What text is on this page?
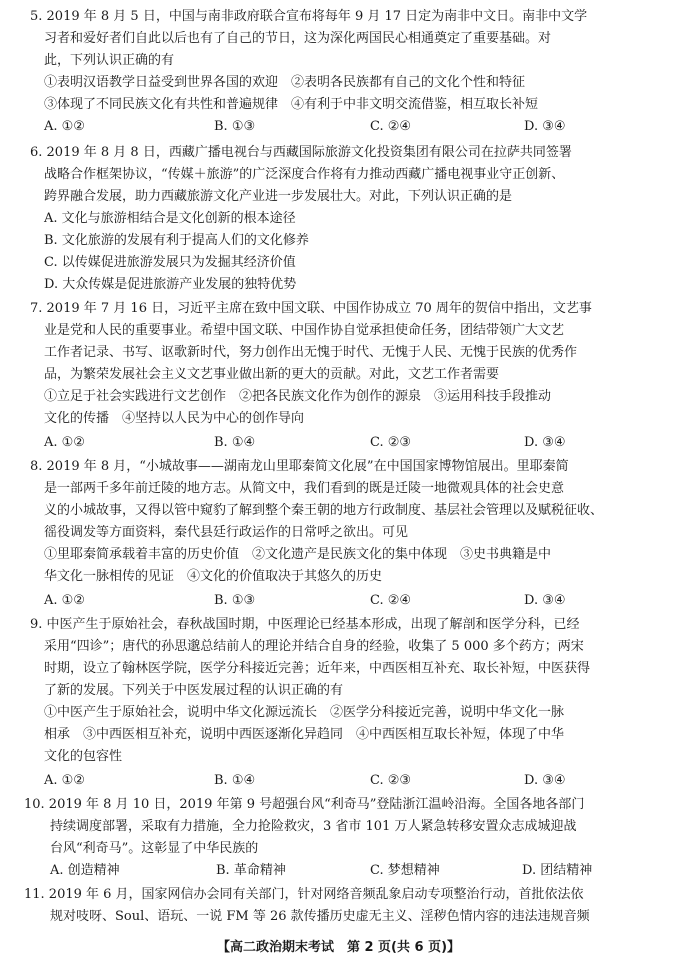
5. 2019 年 8 月 5 日，中国与南非政府联合宣布将每年 9 月 17 日定为南非中文日。南非中文学
习者和爱好者们自此以后也有了自己的节日，这为深化两国民心相通奠定了重要基础。对
此，下列认识正确的有
①表明汉语教学日益受到世界各国的欢迎　②表明各民族都有自己的文化个性和特征
③体现了不同民族文化有共性和普遍规律　④有利于中非文明交流借鉴，相互取长补短
A. ①②	B. ①③	C. ②④	D. ③④
6. 2019 年 8 月 8 日，西藏广播电视台与西藏国际旅游文化投资集团有限公司在拉萨共同签署
战略合作框架协议，“传媒＋旅游”的广泛深度合作将有力推动西藏广播电视事业守正创新、
跨界融合发展，助力西藏旅游文化产业进一步发展壮大。对此，下列认识正确的是
A. 文化与旅游相结合是文化创新的根本途径
B. 文化旅游的发展有利于提高人们的文化修养
C. 以传媒促进旅游发展只为发掘其经济价值
D. 大众传媒是促进旅游产业发展的独特优势
7. 2019 年 7 月 16 日，习近平主席在致中国文联、中国作协成立 70 周年的贺信中指出，文艺事
业是党和人民的重要事业。希望中国文联、中国作协自觉承担使命任务，团结带领广大文艺
工作者记录、书写、讴歌新时代，努力创作出无愧于时代、无愧于人民、无愧于民族的优秀作
品，为繁荣发展社会主义文艺事业做出新的更大的贡献。对此，文艺工作者需要
①立足于社会实践进行文艺创作　②把各民族文化作为创作的源泉　③运用科技手段推动
文化的传播　④坚持以人民为中心的创作导向
A. ①②	B. ①④	C. ②③	D. ③④
8. 2019 年 8 月，“小城故事——湖南龙山里耶秦简文化展”在中国国家博物馆展出。里耶秦简
是一部两千多年前迁陵的地方志。从简文中，我们看到的既是迁陵一地微观具体的社会史意
义的小城故事，又得以管中窥豹了解到整个秦王朝的地方行政制度、基层社会管理以及赋税征收、
徭役调发等方面资料，秦代县廷行政运作的日常呼之欲出。可见
①里耶秦简承载着丰富的历史价值　②文化遗产是民族文化的集中体现　③史书典籍是中
华文化一脉相传的见证　④文化的价值取决于其悠久的历史
A. ①②	B. ①③	C. ②④	D. ③④
9. 中医产生于原始社会，春秋战国时期，中医理论已经基本形成，出现了解剖和医学分科，已经
采用“四诊”；唐代的孙思邈总结前人的理论并结合自身的经验，收集了 5 000 多个药方；两宋
时期，设立了翰林医学院，医学分科接近完善；近年来，中西医相互补充、取长补短，中医获得
了新的发展。下列关于中医发展过程的认识正确的有
①中医产生于原始社会，说明中华文化源远流长　②医学分科接近完善，说明中华文化一脉
相承　③中西医相互补充，说明中西医逐渐化异趋同　④中西医相互取长补短，体现了中华
文化的包容性
A. ①②	B. ①④	C. ②③	D. ③④
10. 2019 年 8 月 10 日，2019 年第 9 号超强台风“利奇马”登陆浙江温岭沿海。全国各地各部门
持续调度部署，采取有力措施，全力抢险救灾，3 省市 101 万人紧急转移安置众志成城迎战
台风“利奇马”。这彰显了中华民族的
A. 创造精神	B. 革命精神	C. 梦想精神	D. 团结精神
11. 2019 年 6 月，国家网信办会同有关部门，针对网络音频乱象启动专项整治行动，首批依法依
规对吱呀、Soul、语玩、一说 FM 等 26 款传播历史虚无主义、淫秽色情内容的违法违规音频
【高二政治期末考试　第 2 页(共 6 页)】
